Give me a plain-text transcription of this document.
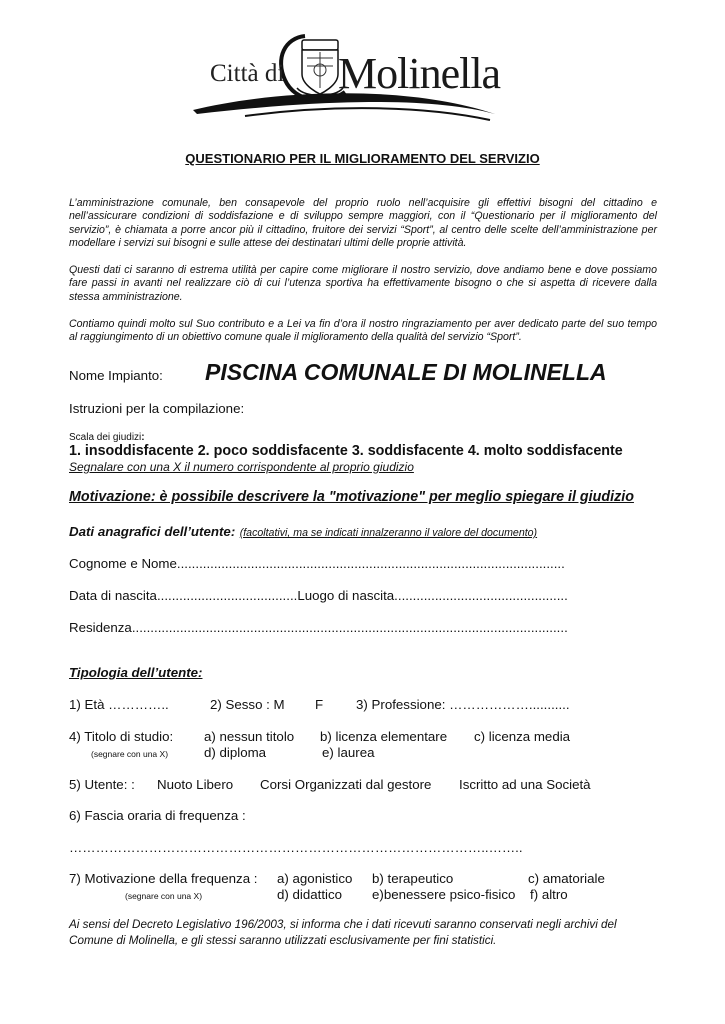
Città di Molinella
QUESTIONARIO PER IL MIGLIORAMENTO DEL SERVIZIO
L’amministrazione comunale, ben consapevole del proprio ruolo nell’acquisire gli effettivi bisogni del cittadino e nell’assicurare condizioni di soddisfazione e di sviluppo sempre maggiori, con il “Questionario per il miglioramento del servizio”, è chiamata a porre ancor più il cittadino, fruitore dei servizi “Sport”, al centro delle scelte dell’amministrazione per modellare i servizi sui bisogni e sulle attese dei destinatari ultimi delle proprie attività.
Questi dati ci saranno di estrema utilità per capire come migliorare il nostro servizio, dove andiamo bene e dove possiamo fare passi in avanti nel realizzare ciò di cui l’utenza sportiva ha effettivamente bisogno o che si aspetta di ricevere dalla stessa amministrazione.
Contiamo quindi molto sul Suo contributo e a Lei va fin d’ora il nostro ringraziamento per aver dedicato parte del suo tempo al raggiungimento di un obiettivo comune quale il miglioramento della qualità del servizio “Sport”.
Nome Impianto: PISCINA COMUNALE DI MOLINELLA
Istruzioni per la compilazione:
Scala dei giudizi:
1. insoddisfacente 2. poco soddisfacente 3. soddisfacente 4. molto soddisfacente
Segnalare con una X il numero corrispondente al proprio giudizio
Motivazione: è possibile descrivere la "motivazione" per meglio spiegare il giudizio
Dati anagrafici dell’utente: (facoltativi, ma se indicati innalzeranno il valore del documento)
Cognome e Nome.........................................................................................................
Data di nascita......................................Luogo di nascita...............................................
Residenza......................................................................................................................
Tipologia dell’utente:
1) Età …………..	2) Sesso : M F 3) Professione: ………………...........
4) Titolo di studio:
(segnare con una X)
a) nessun titolo b) licenza elementare c) licenza media
d) diploma	e) laurea
5) Utente: : Nuoto Libero Corsi Organizzati dal gestore Iscritto ad una Società
6) Fascia oraria di frequenza :
…………………………………………………………………………………..……..
7) Motivazione della frequenza :
(segnare con una X)
a) agonistico b) terapeutico	c) amatoriale
d) didattico e)benessere psico-fisico f) altro
Ai sensi del Decreto Legislativo 196/2003, si informa che i dati ricevuti saranno conservati negli archivi del Comune di Molinella, e gli stessi saranno utilizzati esclusivamente per fini statistici.
